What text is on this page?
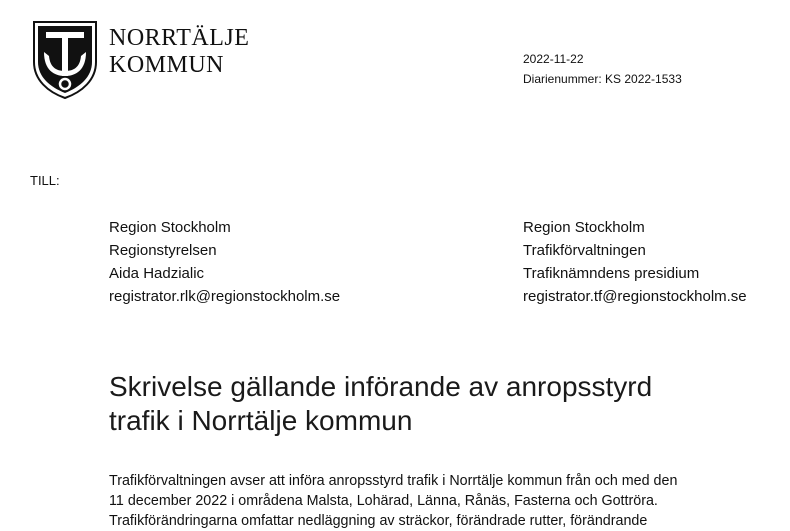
NORRTÄLJE
KOMMUN	2022-11-22
Diarienummer: KS 2022-1533
TILL:
Region Stockholm
Regionstyrelsen
Aida Hadzialic
registrator.rlk@regionstockholm.se
Region Stockholm
Trafikförvaltningen
Trafiknämndens presidium
registrator.tf@regionstockholm.se
Skrivelse gällande införande av anropsstyrd
trafik i Norrtälje kommun

Trafikförvaltningen avser att införa anropsstyrd trafik i Norrtälje kommun från och med den
11 december 2022 i områdena Malsta, Lohärad, Länna, Rånäs, Fasterna och Gottröra.
Trafikförändringarna omfattar nedläggning av sträckor, förändrade rutter, förändrande
